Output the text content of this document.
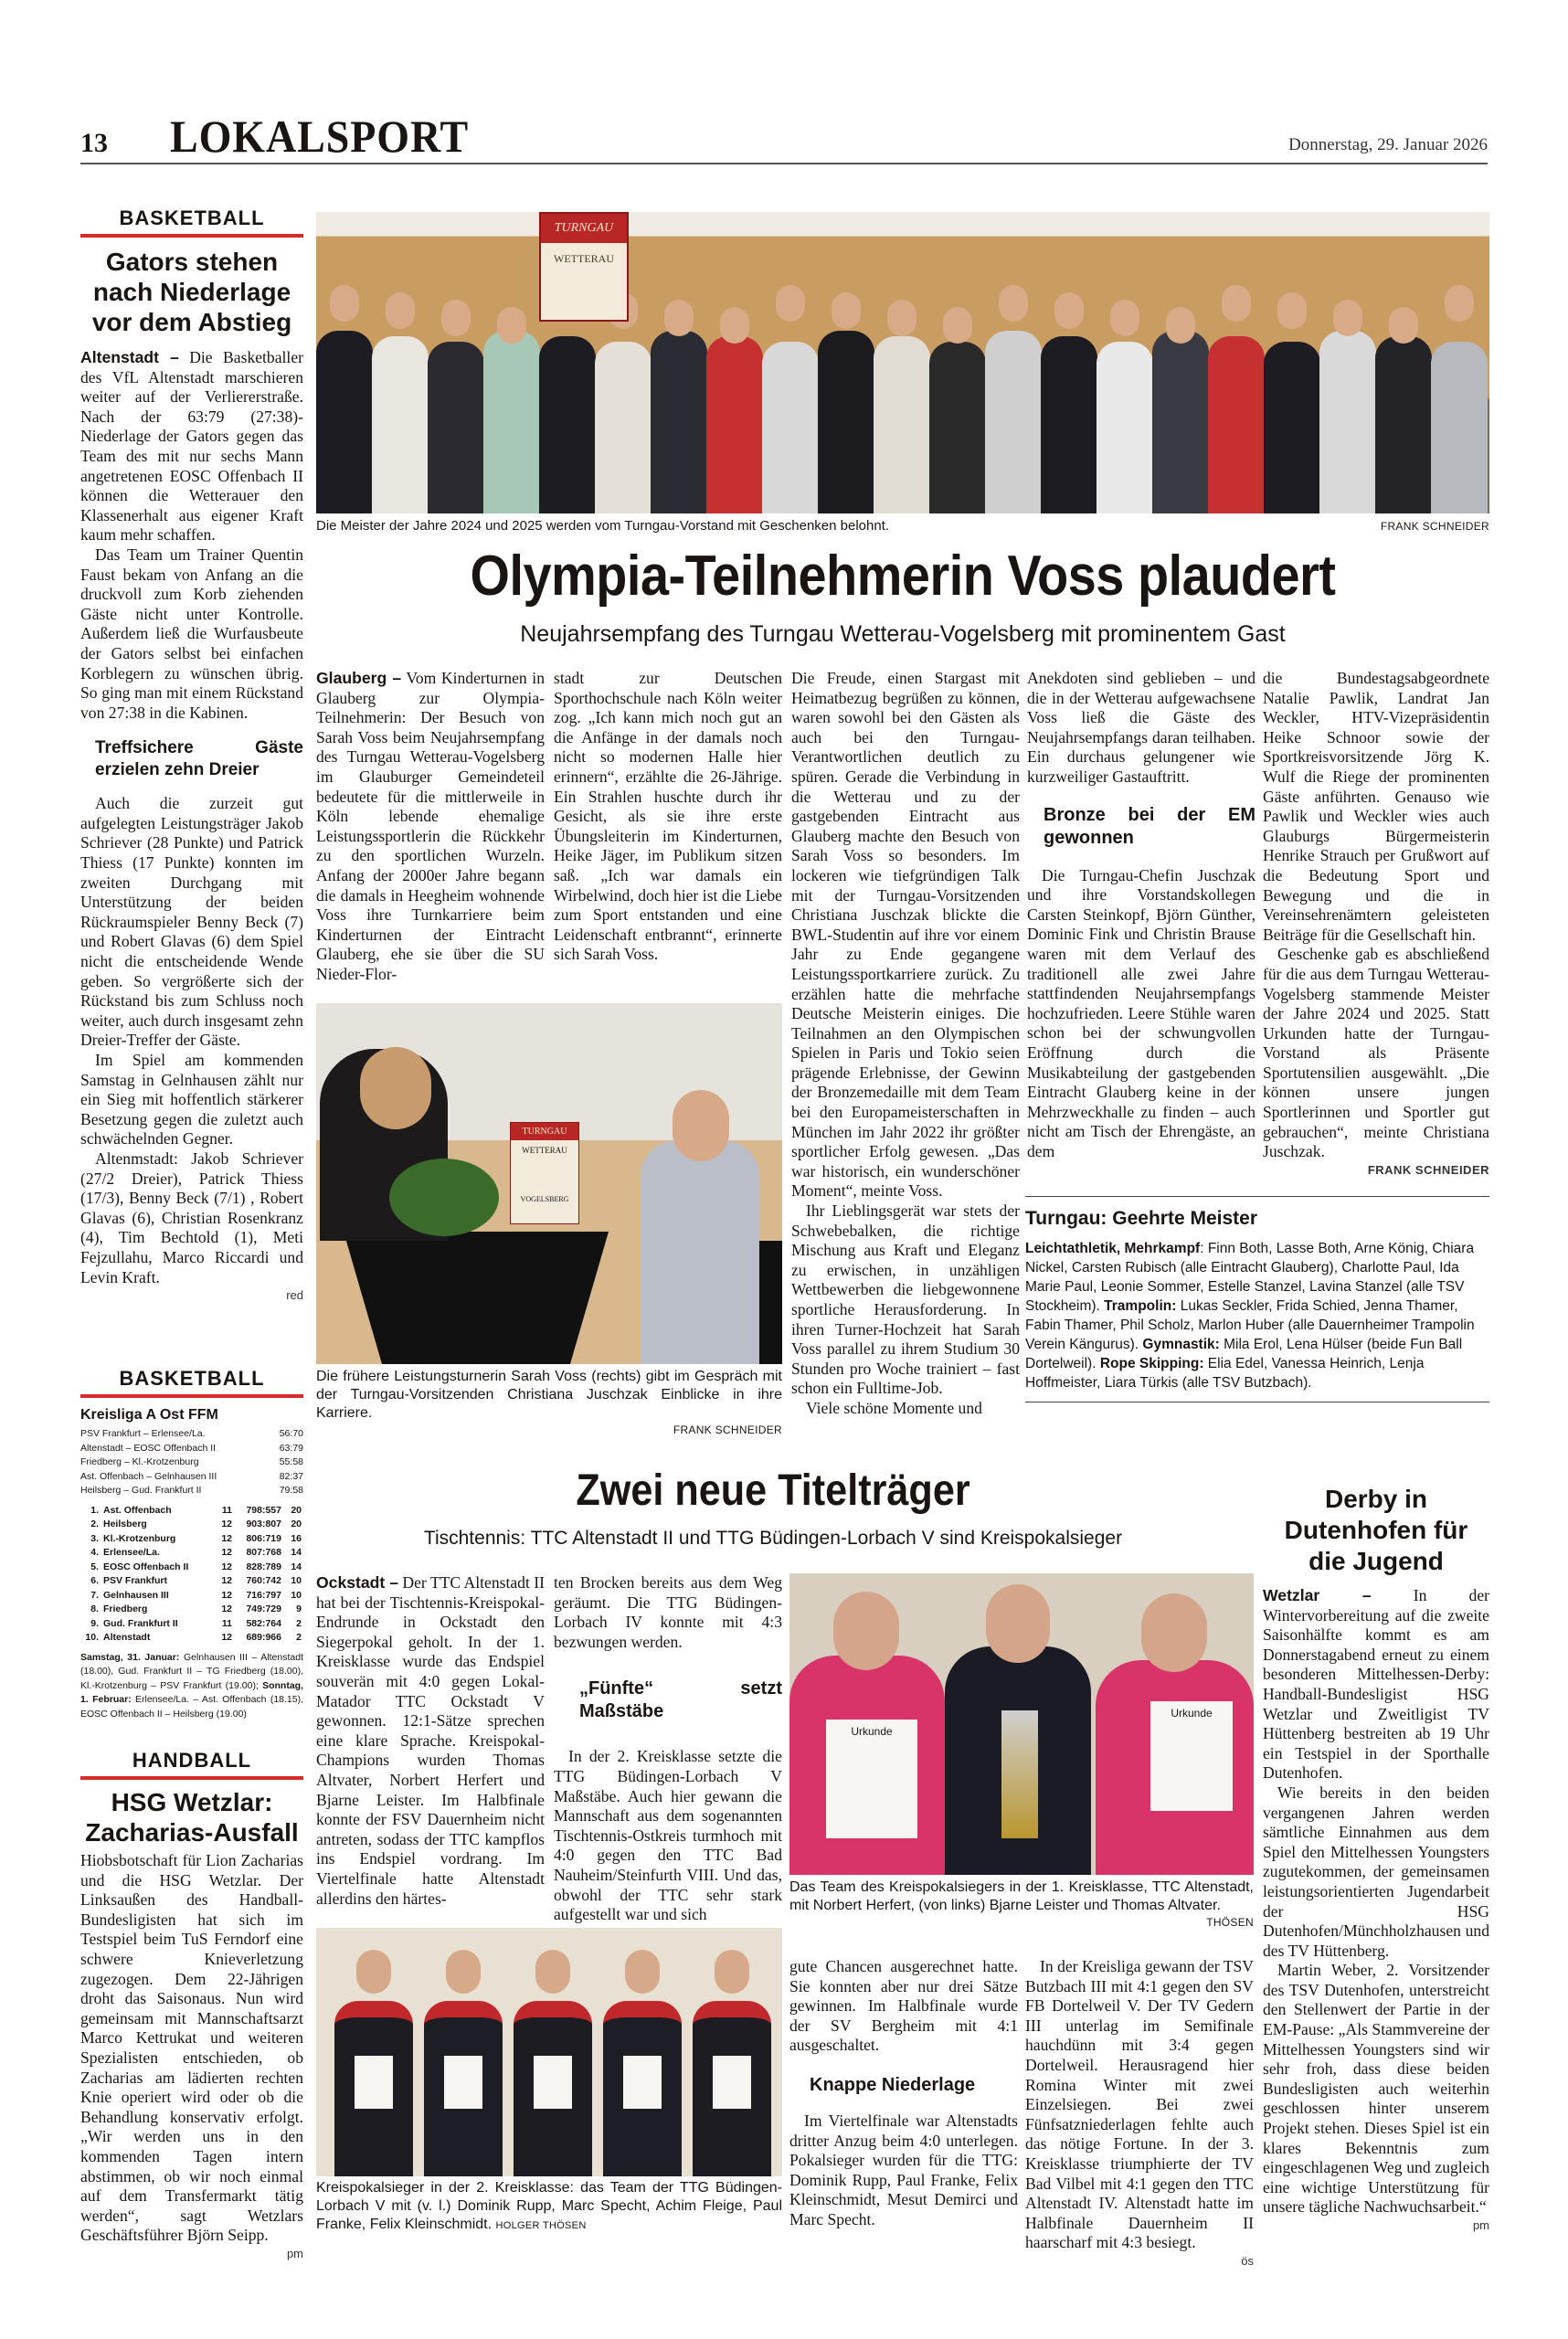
13 LOKALSPORT	Donnerstag, 29. Januar 2026
BASKETBALL
Gators stehen nach Niederlage vor dem Abstieg

Altenstadt – Die Basketballer des VfL Altenstadt marschieren weiter auf der Verliererstraße. Nach der 63:79 (27:38)-Niederlage der Gators gegen das Team des mit nur sechs Mann angetretenen EOSC Offenbach II können die Wetterauer den Klassenerhalt aus eigener Kraft kaum mehr schaffen.

Das Team um Trainer Quentin Faust bekam von Anfang an die druckvoll zum Korb ziehenden Gäste nicht unter Kontrolle. Außerdem ließ die Wurfausbeute der Gators selbst bei einfachen Korblegern zu wünschen übrig. So ging man mit einem Rückstand von 27:38 in die Kabinen.

Treffsichere Gäste erzielen zehn Dreier

Auch die zurzeit gut aufgelegten Leistungsträger Jakob Schriever (28 Punkte) und Patrick Thiess (17 Punkte) konnten im zweiten Durchgang mit Unterstützung der beiden Rückraumspieler Benny Beck (7) und Robert Glavas (6) dem Spiel nicht die entscheidende Wende geben. So vergrößerte sich der Rückstand bis zum Schluss noch weiter, auch durch insgesamt zehn Dreier-Treffer der Gäste.

Im Spiel am kommenden Samstag in Gelnhausen zählt nur ein Sieg mit hoffentlich stärkerer Besetzung gegen die zuletzt auch schwächelnden Gegner.

Altenmstadt: Jakob Schriever (27/2 Dreier), Patrick Thiess (17/3), Benny Beck (7/1) , Robert Glavas (6), Christian Rosenkranz (4), Tim Bechtold (1), Meti Fejzullahu, Marco Riccardi und Levin Kraft.

red
BASKETBALL
Kreisliga A Ost FFM
PSV Frankfurt – Erlensee/La.	56:70
Altenstadt – EOSC Offenbach II	63:79
Friedberg – Kl.-Krotzenburg	55:58
Ast. Offenbach – Gelnhausen III	82:37
Heilsberg – Gud. Frankfurt II	79:58
1. Ast. Offenbach	11	798:557 20
2. Heilsberg	12	903:807 20
3. Kl.-Krotzenburg	12	806:719 16
4. Erlensee/La.	12	807:768 14
5. EOSC Offenbach II	12	828:789 14
6. PSV Frankfurt	12	760:742 10
7. Gelnhausen III	12	716:797 10
8. Friedberg	12	749:729	9
9. Gud. Frankfurt II	11	582:764	2
10. Altenstadt	12	689:966	2
Samstag, 31. Januar: Gelnhausen III – Altenstadt (18.00), Gud. Frankfurt II – TG Friedberg (18.00), Kl.-Krotzenburg – PSV Frankfurt (19.00); Sonntag, 1. Februar: Erlensee/La. – Ast. Offenbach (18.15), EOSC Offenbach II – Heilsberg (19.00)
HANDBALL
HSG Wetzlar: Zacharias-Ausfall

Hiobsbotschaft für Lion Zacharias und die HSG Wetzlar. Der Linksaußen des Handball-Bundesligisten hat sich im Testspiel beim TuS Ferndorf eine schwere Knieverletzung zugezogen. Dem 22-Jährigen droht das Saisonaus. Nun wird gemeinsam mit Mannschaftsarzt Marco Kettrukat und weiteren Spezialisten entschieden, ob Zacharias am lädierten rechten Knie operiert wird oder ob die Behandlung konservativ erfolgt. „Wir werden uns in den kommenden Tagen intern abstimmen, ob wir noch einmal auf dem Transfermarkt tätig werden“, sagt Wetzlars Geschäftsführer Björn Seipp.

pm
TURNGAU
WETTERAU
Die Meister der Jahre 2024 und 2025 werden vom Turngau-Vorstand mit Geschenken belohnt.	FRANK SCHNEIDER
Olympia-Teilnehmerin Voss plaudert
Neujahrsempfang des Turngau Wetterau-Vogelsberg mit prominentem Gast

Glauberg – Vom Kinderturnen in Glauberg zur Olympia-Teilnehmerin: Der Besuch von Sarah Voss beim Neujahrsempfang des Turngau Wetterau-Vogelsberg im Glauburger Gemeindeteil bedeutete für die mittlerweile in Köln lebende ehemalige Leistungssportlerin die Rückkehr zu den sportlichen Wurzeln. Anfang der 2000er Jahre begann die damals in Heegheim wohnende Voss ihre Turnkarriere beim Kinderturnen der Eintracht Glauberg, ehe sie über die SU Nieder-Flor-

stadt zur Deutschen Sporthochschule nach Köln weiter zog. „Ich kann mich noch gut an die Anfänge in der damals noch nicht so modernen Halle hier erinnern“, erzählte die 26-Jährige. Ein Strahlen huschte durch ihr Gesicht, als sie ihre erste Übungsleiterin im Kinderturnen, Heike Jäger, im Publikum sitzen saß. „Ich war damals ein Wirbelwind, doch hier ist die Liebe zum Sport entstanden und eine Leidenschaft entbrannt“, erinnerte sich Sarah Voss.

TURNGAU
WETTERAU
VOGELSBERG
Die frühere Leistungsturnerin Sarah Voss (rechts) gibt im Gespräch mit der Turngau-Vorsitzenden Christiana Juschzak Einblicke in ihre Karriere.
FRANK SCHNEIDER

Die Freude, einen Stargast mit Heimatbezug begrüßen zu können, waren sowohl bei den Gästen als auch bei den Turngau-Verantwortlichen deutlich zu spüren. Gerade die Verbindung in die Wetterau und zu der gastgebenden Eintracht aus Glauberg machte den Besuch von Sarah Voss so besonders. Im lockeren wie tiefgründigen Talk mit der Turngau-Vorsitzenden Christiana Juschzak blickte die BWL-Studentin auf ihre vor einem Jahr zu Ende gegangene Leistungssportkarriere zurück. Zu erzählen hatte die mehrfache Deutsche Meisterin einiges. Die Teilnahmen an den Olympischen Spielen in Paris und Tokio seien prägende Erlebnisse, der Gewinn der Bronzemedaille mit dem Team bei den Europameisterschaften in München im Jahr 2022 ihr größter sportlicher Erfolg gewesen. „Das war historisch, ein wunderschöner Moment“, meinte Voss.

Ihr Lieblingsgerät war stets der Schwebebalken, die richtige Mischung aus Kraft und Eleganz zu erwischen, in unzähligen Wettbewerben die liebgewonnene sportliche Herausforderung. In ihren Turner-Hochzeit hat Sarah Voss parallel zu ihrem Studium 30 Stunden pro Woche trainiert – fast schon ein Fulltime-Job.

Viele schöne Momente und

Anekdoten sind geblieben – und die in der Wetterau aufgewachsene Voss ließ die Gäste des Neujahrsempfangs daran teilhaben. Ein durchaus gelungener wie kurzweiliger Gastauftritt.

Bronze bei der EM gewonnen

Die Turngau-Chefin Juschzak und ihre Vorstandskollegen Carsten Steinkopf, Björn Günther, Dominic Fink und Christin Brause waren mit dem Verlauf des traditionell alle zwei Jahre stattfindenden Neujahrsempfangs hochzufrieden. Leere Stühle waren schon bei der schwungvollen Eröffnung durch die Musikabteilung der gastgebenden Eintracht Glauberg keine in der Mehrzweckhalle zu finden – auch nicht am Tisch der Ehrengäste, an dem

die Bundestagsabgeordnete Natalie Pawlik, Landrat Jan Weckler, HTV-Vizepräsidentin Heike Schnoor sowie der Sportkreisvorsitzende Jörg K. Wulf die Riege der prominenten Gäste anführten. Genauso wie Pawlik und Weckler wies auch Glauburgs Bürgermeisterin Henrike Strauch per Grußwort auf die Bedeutung Sport und Bewegung und die in Vereinsehrenämtern geleisteten Beiträge für die Gesellschaft hin.

Geschenke gab es abschließend für die aus dem Turngau Wetterau-Vogelsberg stammende Meister der Jahre 2024 und 2025. Statt Urkunden hatte der Turngau-Vorstand als Präsente Sportutensilien ausgewählt. „Die können unsere jungen Sportlerinnen und Sportler gut gebrauchen“, meinte Christiana Juschzak.

FRANK SCHNEIDER
Turngau: Geehrte Meister
Leichtathletik, Mehrkampf: Finn Both, Lasse Both, Arne König, Chiara Nickel, Carsten Rubisch (alle Eintracht Glauberg), Charlotte Paul, Ida Marie Paul, Leonie Sommer, Estelle Stanzel, Lavina Stanzel (alle TSV Stockheim). Trampolin: Lukas Seckler, Frida Schied, Jenna Thamer, Fabin Thamer, Phil Scholz, Marlon Huber (alle Dauernheimer Trampolin Verein Kängurus). Gymnastik: Mila Erol, Lena Hülser (beide Fun Ball Dortelweil). Rope Skipping: Elia Edel, Vanessa Heinrich, Lenja Hoffmeister, Liara Türkis (alle TSV Butzbach).
Zwei neue Titelträger
Tischtennis: TTC Altenstadt II und TTG Büdingen-Lorbach V sind Kreispokalsieger

Ockstadt – Der TTC Altenstadt II hat bei der Tischtennis-Kreispokal-Endrunde in Ockstadt den Siegerpokal geholt. In der 1. Kreisklasse wurde das Endspiel souverän mit 4:0 gegen Lokal-Matador TTC Ockstadt V gewonnen. 12:1-Sätze sprechen eine klare Sprache. Kreispokal-Champions wurden Thomas Altvater, Norbert Herfert und Bjarne Leister. Im Halbfinale konnte der FSV Dauernheim nicht antreten, sodass der TTC kampflos ins Endspiel vordrang. Im Viertelfinale hatte Altenstadt allerdins den härtes-

ten Brocken bereits aus dem Weg geräumt. Die TTG Büdingen-Lorbach IV konnte mit 4:3 bezwungen werden.

„Fünfte“ setzt Maßstäbe

In der 2. Kreisklasse setzte die TTG Büdingen-Lorbach V Maßstäbe. Auch hier gewann die Mannschaft aus dem sogenannten Tischtennis-Ostkreis turmhoch mit 4:0 gegen den TTC Bad Nauheim/Steinfurth VIII. Und das, obwohl der TTC sehr stark aufgestellt war und sich

Urkunde
Urkunde
Das Team des Kreispokalsiegers in der 1. Kreisklasse, TTC Altenstadt, mit Norbert Herfert, (von links) Bjarne Leister und Thomas Altvater.
THÖSEN
Kreispokalsieger in der 2. Kreisklasse: das Team der TTG Büdingen-Lorbach V mit (v. l.) Dominik Rupp, Marc Specht, Achim Fleige, Paul Franke, Felix Kleinschmidt. HOLGER THÖSEN

gute Chancen ausgerechnet hatte. Sie konnten aber nur drei Sätze gewinnen. Im Halbfinale wurde der SV Bergheim mit 4:1 ausgeschaltet.

Knappe Niederlage

Im Viertelfinale war Altenstadts dritter Anzug beim 4:0 unterlegen. Pokalsieger wurden für die TTG: Dominik Rupp, Paul Franke, Felix Kleinschmidt, Mesut Demirci und Marc Specht.

In der Kreisliga gewann der TSV Butzbach III mit 4:1 gegen den SV FB Dortelweil V. Der TV Gedern III unterlag im Semifinale hauchdünn mit 3:4 gegen Dortelweil. Herausragend hier Romina Winter mit zwei Einzelsiegen. Bei zwei Fünfsatzniederlagen fehlte auch das nötige Fortune. In der 3. Kreisklasse triumphierte der TV Bad Vilbel mit 4:1 gegen den TTC Altenstadt IV. Altenstadt hatte im Halbfinale Dauernheim II haarscharf mit 4:3 besiegt.

ös
Derby in Dutenhofen für die Jugend

Wetzlar –	In der Wintervorbereitung auf die zweite Saisonhälfte kommt es am Donnerstagabend erneut zu einem besonderen Mittelhessen-Derby: Handball-Bundesligist HSG Wetzlar und Zweitligist TV Hüttenberg bestreiten ab 19 Uhr ein Testspiel in der Sporthalle Dutenhofen.

Wie bereits in den beiden vergangenen Jahren werden sämtliche Einnahmen aus dem Spiel den Mittelhessen Youngsters zugutekommen, der gemeinsamen leistungsorientierten Jugendarbeit der HSG Dutenhofen/Münchholzhausen und des TV Hüttenberg.

Martin Weber, 2. Vorsitzender des TSV Dutenhofen, unterstreicht den Stellenwert der Partie in der EM-Pause: „Als Stammvereine der Mittelhessen Youngsters sind wir sehr froh, dass diese beiden Bundesligisten auch weiterhin geschlossen hinter unserem Projekt stehen. Dieses Spiel ist ein klares Bekenntnis zum eingeschlagenen Weg und zugleich eine wichtige Unterstützung für unsere tägliche Nachwuchsarbeit.“

pm
